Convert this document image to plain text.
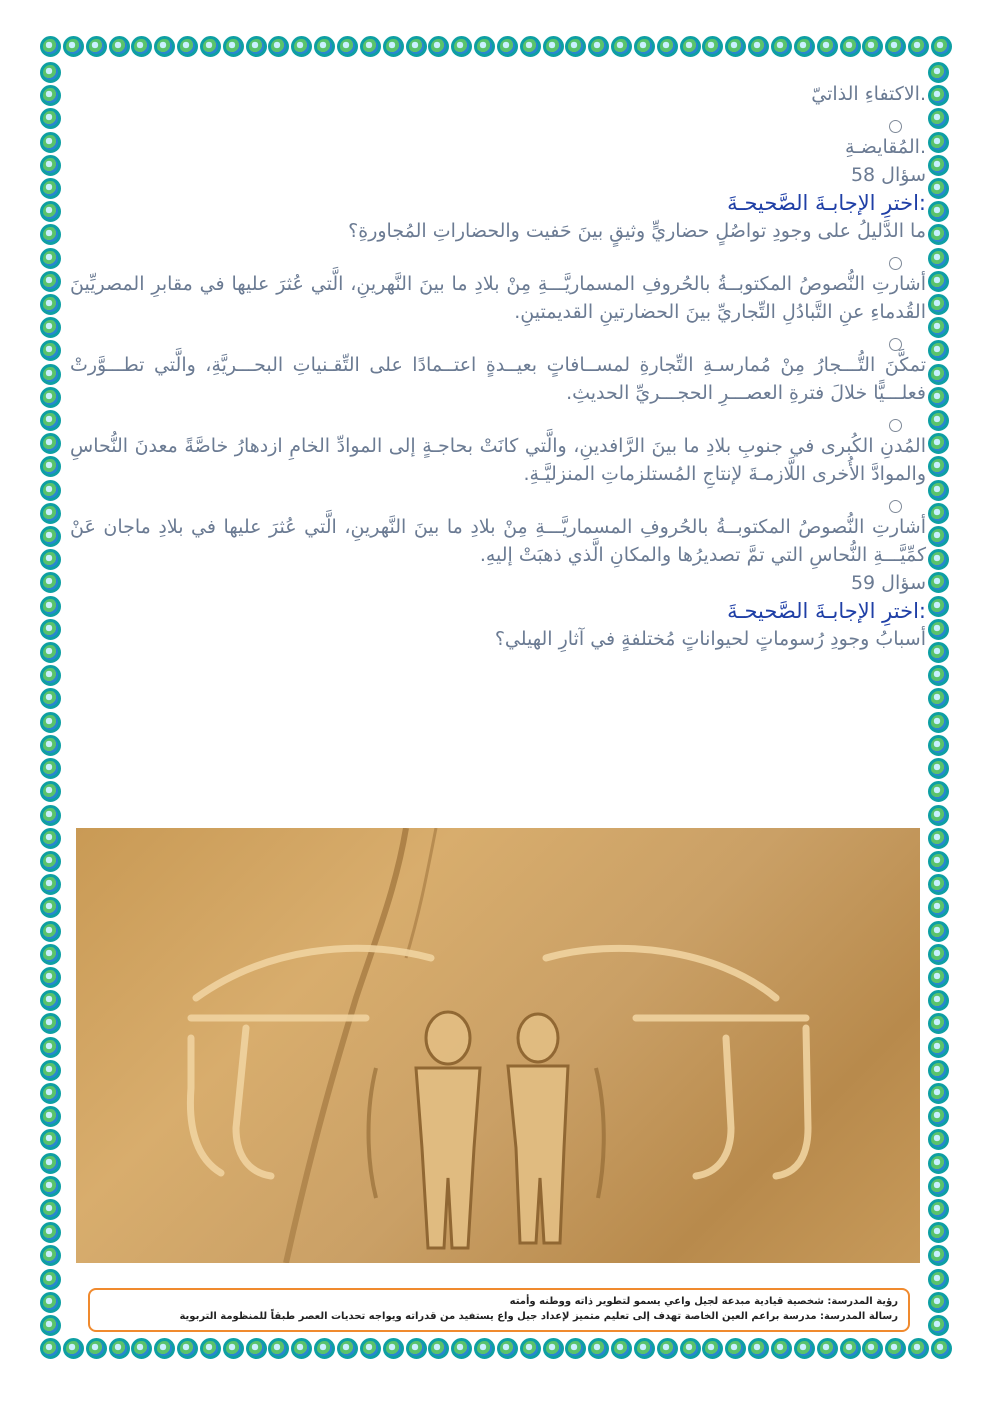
.الاكتفاءِ الذاتيّ

.المُقايضـةِ

سؤال 58

:اخترِ الإجابـةَ الصَّحيحـةَ

ما الدَّليلُ على وجودِ تواصُلٍ حضاريٍّ وثيقٍ بينَ حَفيت والحضاراتِ المُجاورةِ؟

أشارتِ النُّصوصُ المكتوبــةُ بالحُروفِ المسماريَّـــةِ مِنْ بلادِ ما بينَ النَّهرينِ، الَّتي عُثرَ عليها في مقابرِ المصريِّينَ القُدماءِ عنِ التَّبادُلِ التِّجاريِّ بينَ الحضارتينِ القديمتينِ.

تمكَّنَ التُّـــجارُ مِنْ مُمارسـةِ التِّجارةِ لمســافاتٍ بعيــدةٍ اعتــمادًا على التِّقـنياتِ البحـــريَّةِ، والَّتي تطـــوَّرتْ فعلـــيًّا خلالَ فترةِ العصـــرِ الحجـــريِّ الحديثِ.

المُدنِ الكُبرى في جنوبِ بلادِ ما بينَ الرَّافدينِ، والَّتي كانَتْ بحاجـةٍ إلى الموادِّ الخامِ ازدهارُ خاصَّةً معدنَ النُّحاسِ والموادَّ الأُخرى اللَّازمـةَ لإنتاجِ المُستلزماتِ المنزليَّـةِ.

أشارتِ النُّصوصُ المكتوبــةُ بالحُروفِ المسماريَّـــةِ مِنْ بلادِ ما بينَ النَّهرينِ، الَّتي عُثرَ عليها في بلادِ ماجان عَنْ كمِّيَّـــةِ النُّحاسِ التي تمَّ تصديرُها والمكانِ الَّذي ذهبَتْ إليهِ.

سؤال 59

:اخترِ الإجابـةَ الصَّحيحـةَ

أسبابُ وجودِ رُسوماتٍ لحيواناتٍ مُختلفةٍ في آثارِ الهيلي؟

رؤية المدرسة: شخصية قيادية مبدعة لجيل واعي يسمو لتطوير ذاته ووطنه وأمته
رسالة المدرسة: مدرسة براعم العين الخاصة تهدف إلى تعليم متميز لإعداد جيل واع يستفيد من قدراته ويواجه تحديات العصر طبقاً للمنظومة التربوية
